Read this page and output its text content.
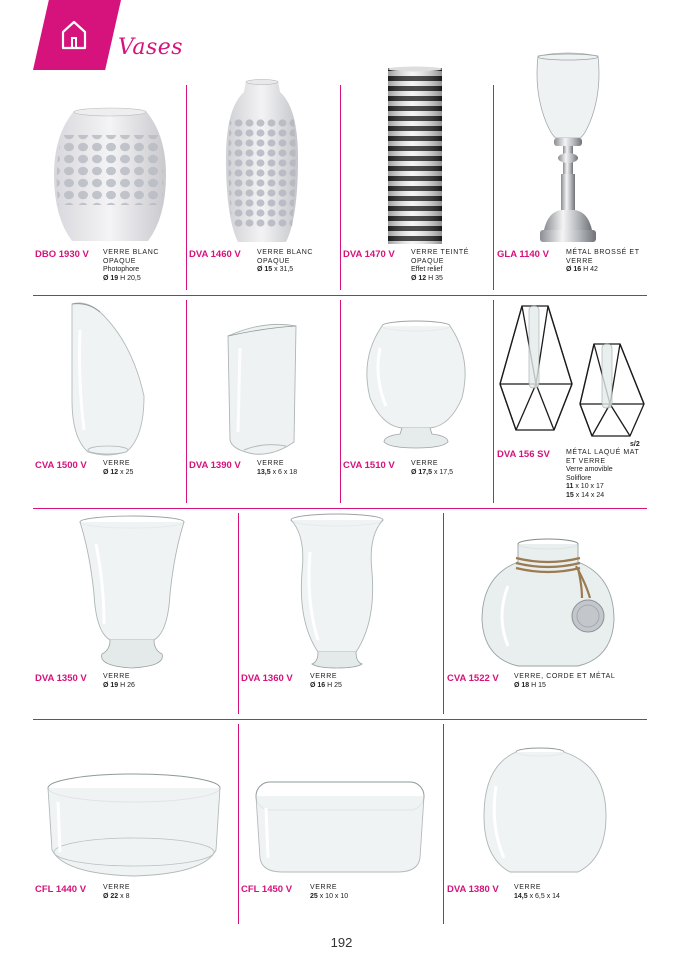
Vases
DBO 1930 V VERRE BLANC OPAQUE
Photophore
Ø 19 H 20,5
DVA 1460 V VERRE BLANC OPAQUE
Ø 15 x 31,5
DVA 1470 V VERRE TEINTÉ OPAQUE
Effet relief
Ø 12 H 35
GLA 1140 V MÉTAL BROSSÉ ET VERRE
Ø 16 H 42
s/2
CVA 1500 V VERRE
Ø 12 x 25
DVA 1390 V VERRE
13,5 x 6 x 18
CVA 1510 V VERRE
Ø 17,5 x 17,5
DVA 156 SV MÉTAL LAQUÉ MAT ET VERRE
Verre amovible
Soliflore
11 x 10 x 17
15 x 14 x 24
DVA 1350 V VERRE
Ø 19 H 26
DVA 1360 V VERRE
Ø 16 H 25
CVA 1522 V VERRE, CORDE ET MÉTAL
Ø 18 H 15
CFL 1440 V VERRE
Ø 22 x 8
CFL 1450 V	VERRE
25 x 10 x 10
DVA 1380 V VERRE
14,5 x 6,5 x 14
192
